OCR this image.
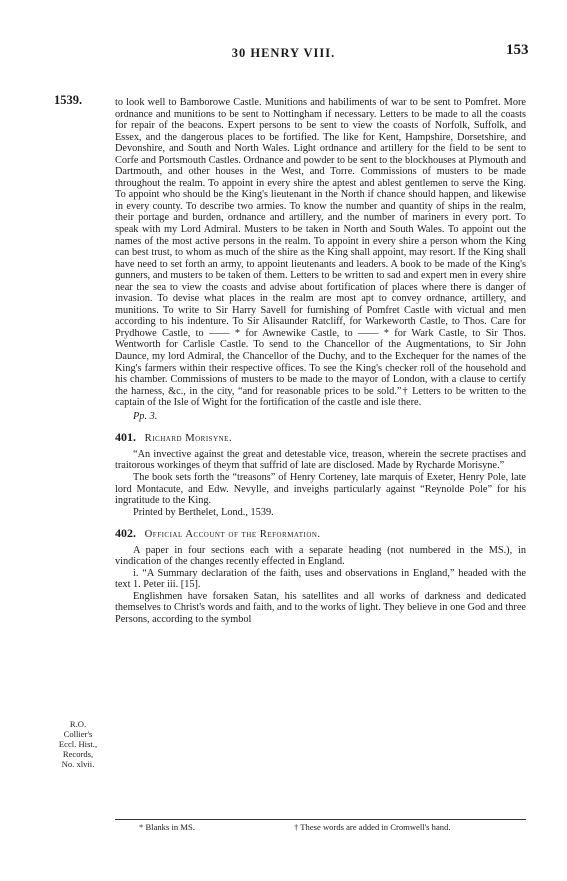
30 HENRY VIII.	153
1539.	to look well to Bamborowe Castle. Munitions and habiliments of war to be sent to Pomfret. More ordnance and munitions to be sent to Nottingham if necessary. Letters to be made to all the coasts for repair of the beacons. Expert persons to be sent to view the coasts of Norfolk, Suffolk, and Essex, and the dangerous places to be fortified. The like for Kent, Hampshire, Dorsetshire, and Devonshire, and South and North Wales. Light ordnance and artillery for the field to be sent to Corfe and Portsmouth Castles. Ordnance and powder to be sent to the blockhouses at Plymouth and Dartmouth, and other houses in the West, and Torre. Commissions of musters to be made throughout the realm. To appoint in every shire the aptest and ablest gentlemen to serve the King. To appoint who should be the King's lieutenant in the North if chance should happen, and likewise in every county. To describe two armies. To know the number and quantity of ships in the realm, their portage and burden, ordnance and artillery, and the number of mariners in every port. To speak with my Lord Admiral. Musters to be taken in North and South Wales. To appoint out the names of the most active persons in the realm. To appoint in every shire a person whom the King can best trust, to whom as much of the shire as the King shall appoint, may resort. If the King shall have need to set forth an army, to appoint lieutenants and leaders. A book to be made of the King's gunners, and musters to be taken of them. Letters to be written to sad and expert men in every shire near the sea to view the coasts and advise about fortification of places where there is danger of invasion. To devise what places in the realm are most apt to convey ordnance, artillery, and munitions. To write to Sir Harry Savell for furnishing of Pomfret Castle with victual and men according to his indenture. To Sir Alisaunder Ratcliff, for Warkeworth Castle, to Thos. Care for Prydhowe Castle, to —— * for Awnewike Castle, to —— * for Wark Castle, to Sir Thos. Wentworth for Carlisle Castle. To send to the Chancellor of the Augmentations, to Sir John Daunce, my lord Admiral, the Chancellor of the Duchy, and to the Exchequer for the names of the King's farmers within their respective offices. To see the King's checker roll of the household and his chamber. Commissions of musters to be made to the mayor of London, with a clause to certify the harness, &c., in the city, “and for reasonable prices to be sold.”† Letters to be written to the captain of the Isle of Wight for the fortification of the castle and isle there.

Pp. 3.

401. Richard Morisyne.

“An invective against the great and detestable vice, treason, wherein the secrete practises and traitorous workinges of theym that suffrid of late are disclosed. Made by Rycharde Morisyne.”

The book sets forth the “treasons” of Henry Corteney, late marquis of Exeter, Henry Pole, late lord Montacute, and Edw. Nevylle, and inveighs particularly against “Reynolde Pole” for his ingratitude to the King.

Printed by Berthelet, Lond., 1539.

402. Official Account of the Reformation.

A paper in four sections each with a separate heading (not numbered in the MS.), in vindication of the changes recently effected in England.

i. “A Summary declaration of the faith, uses and observations in England,” headed with the text 1. Peter iii. [15].

Englishmen have forsaken Satan, his satellites and all works of darkness and dedicated themselves to Christ's words and faith, and to the works of light. They believe in one God and three Persons, according to the symbol

R.O.
Collier's
Eccl. Hist.,
Records,
No. xlvii.
* Blanks in MS.	† These words are added in Cromwell's hand.
